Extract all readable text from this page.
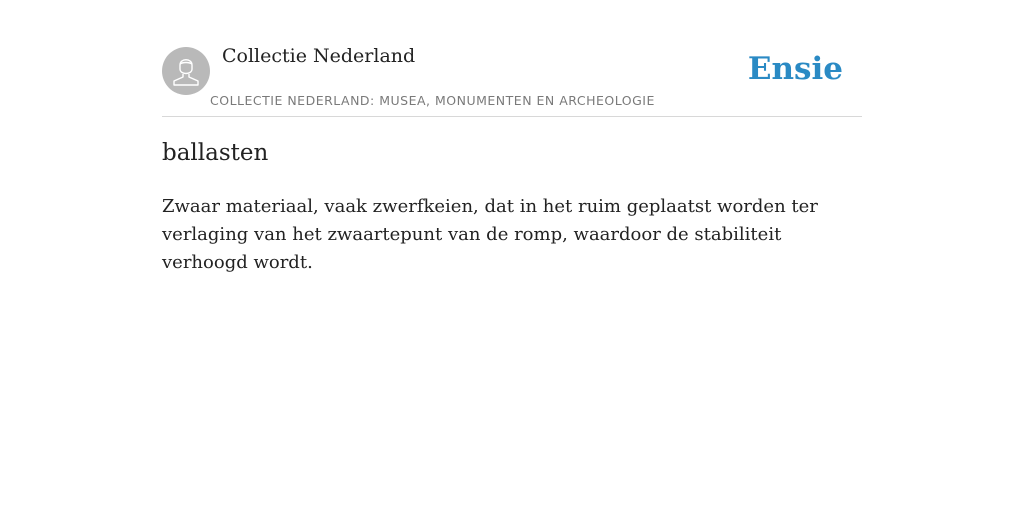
Collectie Nederland
COLLECTIE NEDERLAND: MUSEA, MONUMENTEN EN ARCHEOLOGIE
Ensie
ballasten
Zwaar materiaal, vaak zwerfkeien, dat in het ruim geplaatst worden ter verlaging van het zwaartepunt van de romp, waardoor de stabiliteit verhoogd wordt.
